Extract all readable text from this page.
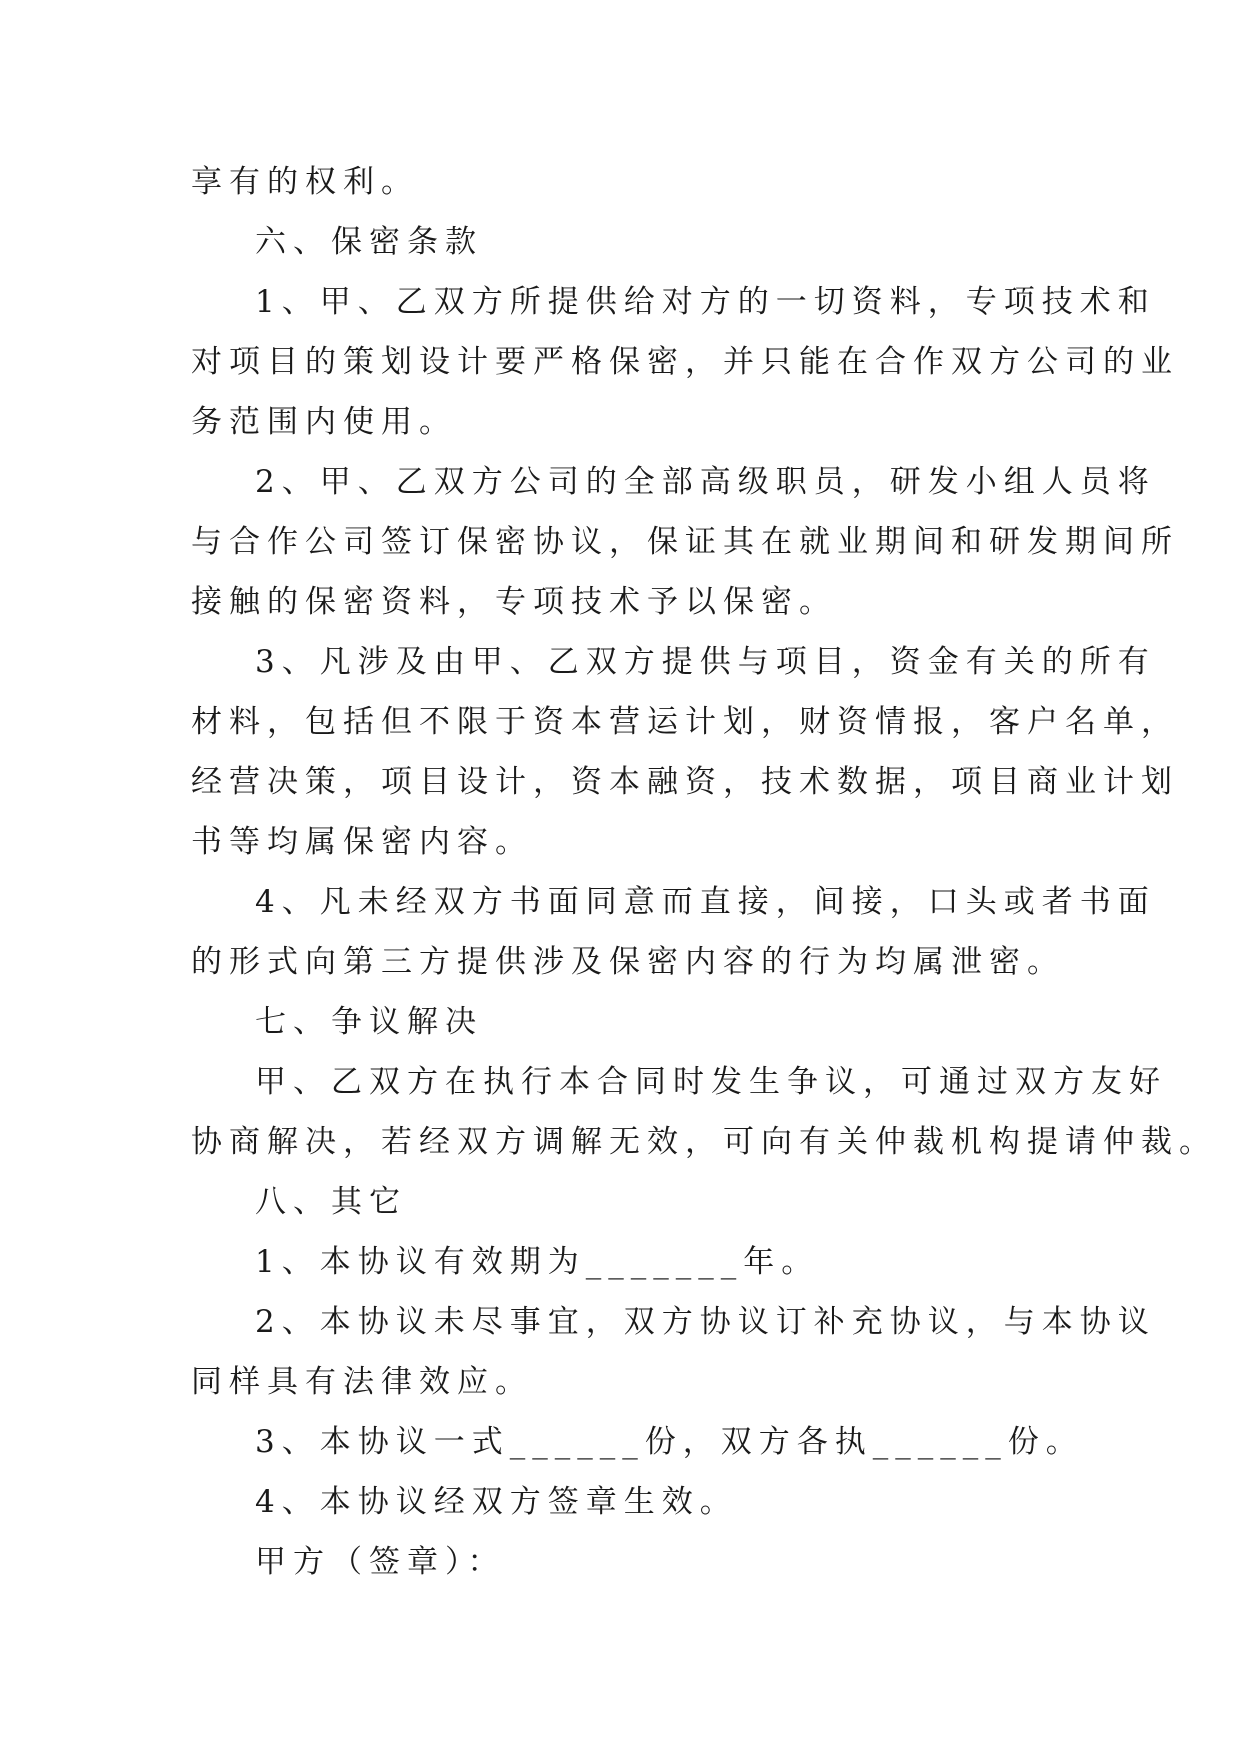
享有的权利。
六、保密条款
1、甲、乙双方所提供给对方的一切资料，专项技术和
对项目的策划设计要严格保密，并只能在合作双方公司的业
务范围内使用。
2、甲、乙双方公司的全部高级职员，研发小组人员将
与合作公司签订保密协议，保证其在就业期间和研发期间所
接触的保密资料，专项技术予以保密。
3、凡涉及由甲、乙双方提供与项目，资金有关的所有
材料，包括但不限于资本营运计划，财资情报，客户名单，
经营决策，项目设计，资本融资，技术数据，项目商业计划
书等均属保密内容。
4、凡未经双方书面同意而直接，间接，口头或者书面
的形式向第三方提供涉及保密内容的行为均属泄密。
七、争议解决
甲、乙双方在执行本合同时发生争议，可通过双方友好
协商解决，若经双方调解无效，可向有关仲裁机构提请仲裁。
八、其它
1、本协议有效期为_______年。
2、本协议未尽事宜，双方协议订补充协议，与本协议
同样具有法律效应。
3、本协议一式______份，双方各执______份。
4、本协议经双方签章生效。
甲方（签章）：
